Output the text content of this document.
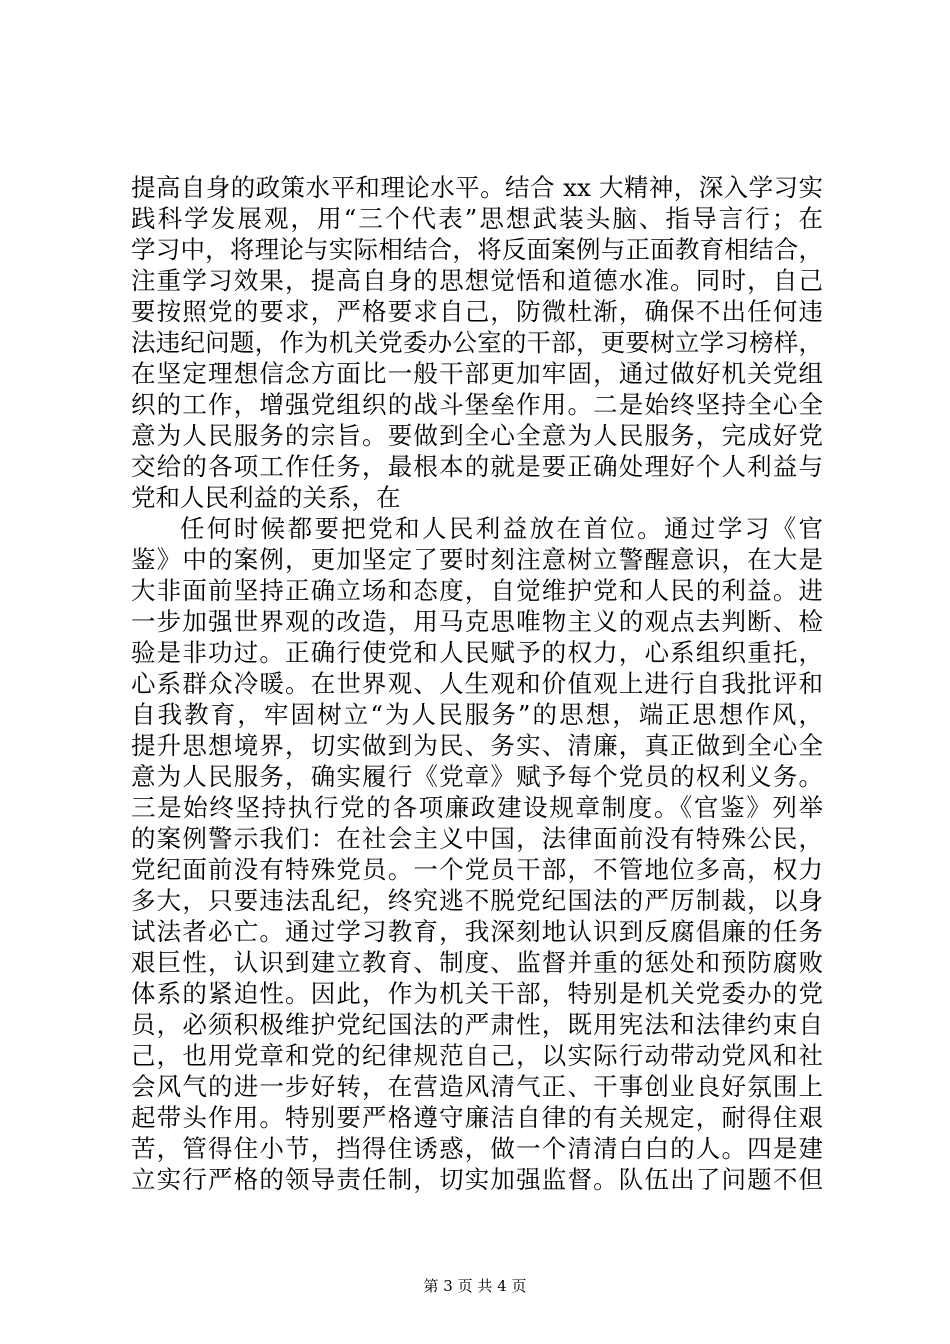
提高自身的政策水平和理论水平。结合 xx 大精神，深入学习实
践科学发展观，用“三个代表”思想武装头脑、指导言行；在
学习中，将理论与实际相结合，将反面案例与正面教育相结合，
注重学习效果，提高自身的思想觉悟和道德水准。同时，自己
要按照党的要求，严格要求自己，防微杜渐，确保不出任何违
法违纪问题，作为机关党委办公室的干部，更要树立学习榜样，
在坚定理想信念方面比一般干部更加牢固，通过做好机关党组
织的工作，增强党组织的战斗堡垒作用。二是始终坚持全心全
意为人民服务的宗旨。要做到全心全意为人民服务，完成好党
交给的各项工作任务，最根本的就是要正确处理好个人利益与
党和人民利益的关系，在
任何时候都要把党和人民利益放在首位。通过学习《官
鉴》中的案例，更加坚定了要时刻注意树立警醒意识，在大是
大非面前坚持正确立场和态度，自觉维护党和人民的利益。进
一步加强世界观的改造，用马克思唯物主义的观点去判断、检
验是非功过。正确行使党和人民赋予的权力，心系组织重托，
心系群众冷暖。在世界观、人生观和价值观上进行自我批评和
自我教育，牢固树立“为人民服务”的思想，端正思想作风，
提升思想境界，切实做到为民、务实、清廉，真正做到全心全
意为人民服务，确实履行《党章》赋予每个党员的权利义务。
三是始终坚持执行党的各项廉政建设规章制度。《官鉴》列举
的案例警示我们：在社会主义中国，法律面前没有特殊公民，
党纪面前没有特殊党员。一个党员干部，不管地位多高，权力
多大，只要违法乱纪，终究逃不脱党纪国法的严厉制裁，以身
试法者必亡。通过学习教育，我深刻地认识到反腐倡廉的任务
艰巨性，认识到建立教育、制度、监督并重的惩处和预防腐败
体系的紧迫性。因此，作为机关干部，特别是机关党委办的党
员，必须积极维护党纪国法的严肃性，既用宪法和法律约束自
己，也用党章和党的纪律规范自己，以实际行动带动党风和社
会风气的进一步好转，在营造风清气正、干事创业良好氛围上
起带头作用。特别要严格遵守廉洁自律的有关规定，耐得住艰
苦，管得住小节，挡得住诱惑，做一个清清白白的人。四是建
立实行严格的领导责任制，切实加强监督。队伍出了问题不但
第 3 页 共 4 页
